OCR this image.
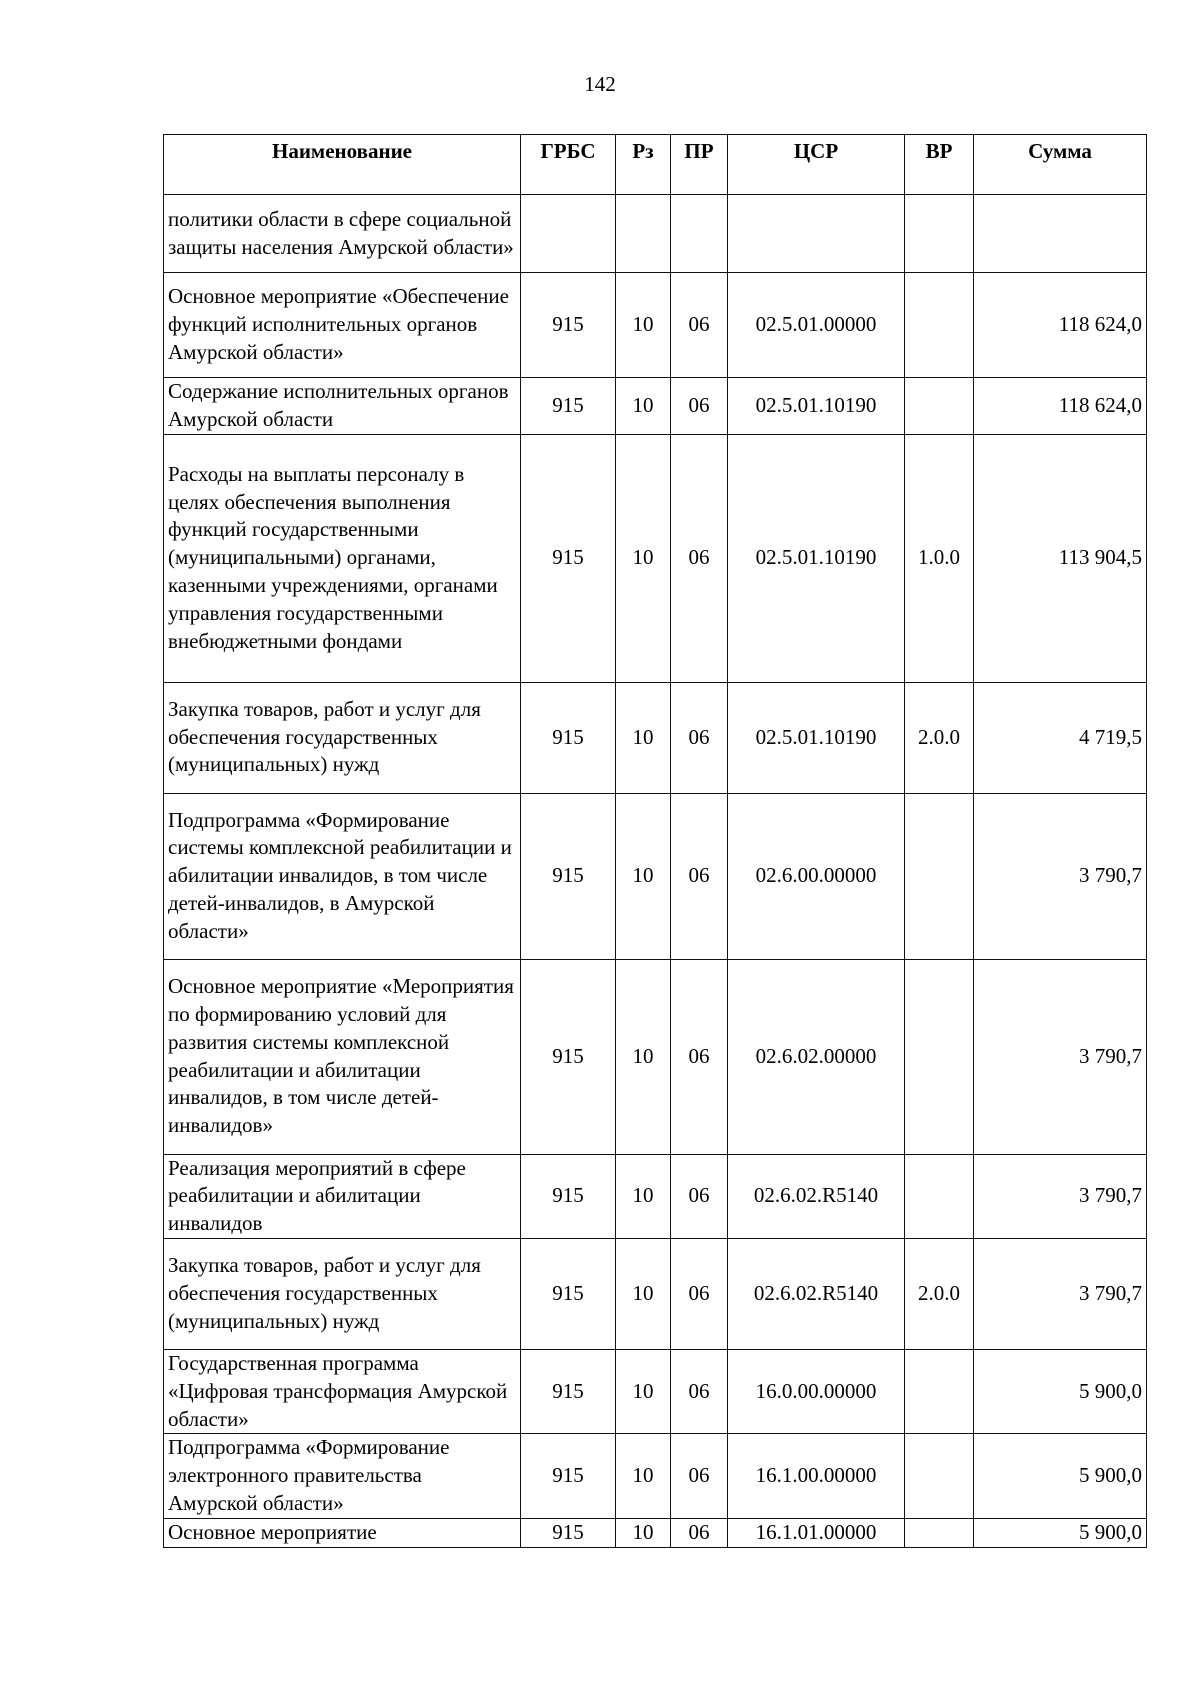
142
Наименование	ГРБС	Рз	ПР	ЦСР	ВР	Сумма
политики области в сфере социальной защиты населения Амурской области»						
Основное мероприятие «Обеспечение функций исполнительных органов Амурской области»	915	10	06	02.5.01.00000		118 624,0
Содержание исполнительных органов Амурской области	915	10	06	02.5.01.10190		118 624,0
Расходы на выплаты персоналу в целях обеспечения выполнения функций государственными (муниципальными) органами, казенными учреждениями, органами управления государственными внебюджетными фондами	915	10	06	02.5.01.10190	1.0.0	113 904,5
Закупка товаров, работ и услуг для обеспечения государственных (муниципальных) нужд	915	10	06	02.5.01.10190	2.0.0	4 719,5
Подпрограмма «Формирование системы комплексной реабилитации и абилитации инвалидов, в том числе детей-инвалидов, в Амурской области»	915	10	06	02.6.00.00000		3 790,7
Основное мероприятие «Мероприятия по формированию условий для развития системы комплексной реабилитации и абилитации инвалидов, в том числе детей-инвалидов»	915	10	06	02.6.02.00000		3 790,7
Реализация мероприятий в сфере реабилитации и абилитации инвалидов	915	10	06	02.6.02.R5140		3 790,7
Закупка товаров, работ и услуг для обеспечения государственных (муниципальных) нужд	915	10	06	02.6.02.R5140	2.0.0	3 790,7
Государственная программа «Цифровая трансформация Амурской области»	915	10	06	16.0.00.00000		5 900,0
Подпрограмма «Формирование электронного правительства Амурской области»	915	10	06	16.1.00.00000		5 900,0
Основное мероприятие	915	10	06	16.1.01.00000		5 900,0
